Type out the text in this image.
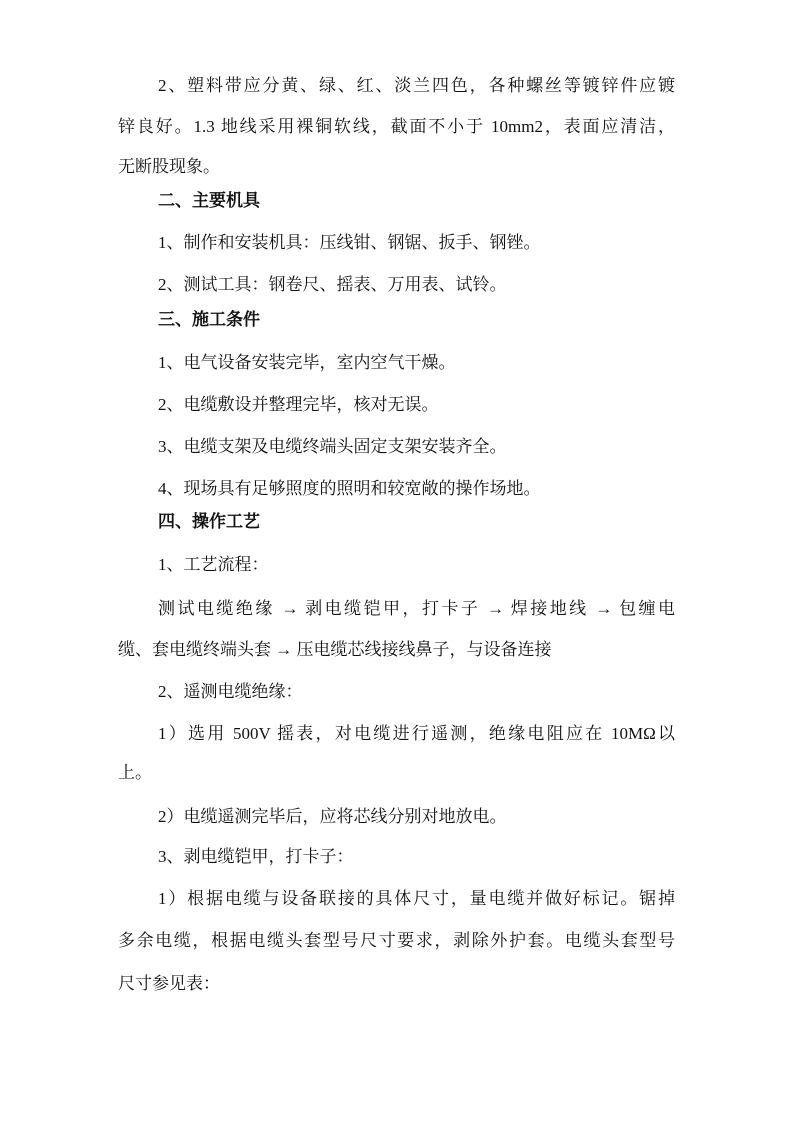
2、塑料带应分黄、绿、红、淡兰四色，各种螺丝等镀锌件应镀
锌良好。1.3 地线采用裸铜软线，截面不小于 10mm2，表面应清洁，
无断股现象。
二、主要机具
1、制作和安装机具：压线钳、钢锯、扳手、钢锉。
2、测试工具：钢卷尺、摇表、万用表、试铃。
三、施工条件
1、电气设备安装完毕，室内空气干燥。
2、电缆敷设并整理完毕，核对无误。
3、电缆支架及电缆终端头固定支架安装齐全。
4、现场具有足够照度的照明和较宽敞的操作场地。
四、操作工艺
1、工艺流程：
测试电缆绝缘 → 剥电缆铠甲，打卡子 → 焊接地线 → 包缠电
缆、套电缆终端头套 → 压电缆芯线接线鼻子，与设备连接
2、遥测电缆绝缘：
1）选用 500V 摇表，对电缆进行遥测，绝缘电阻应在 10MΩ以
上。
2）电缆遥测完毕后，应将芯线分别对地放电。
3、剥电缆铠甲，打卡子：
1）根据电缆与设备联接的具体尺寸，量电缆并做好标记。锯掉
多余电缆，根据电缆头套型号尺寸要求，剥除外护套。电缆头套型号
尺寸参见表：
